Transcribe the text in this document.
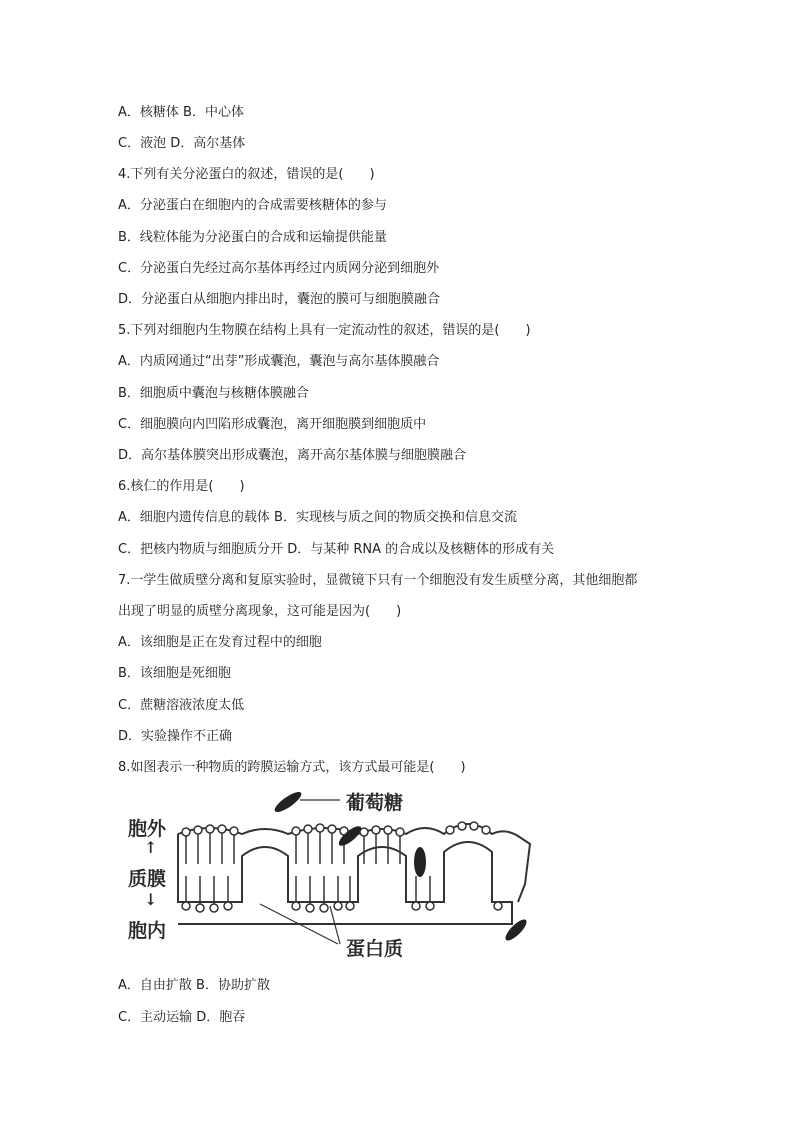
A．核糖体 B．中心体
C．液泡 D．高尔基体
4.下列有关分泌蛋白的叙述，错误的是(　　)
A．分泌蛋白在细胞内的合成需要核糖体的参与
B．线粒体能为分泌蛋白的合成和运输提供能量
C．分泌蛋白先经过高尔基体再经过内质网分泌到细胞外
D．分泌蛋白从细胞内排出时，囊泡的膜可与细胞膜融合
5.下列对细胞内生物膜在结构上具有一定流动性的叙述，错误的是(　　)
A．内质网通过“出芽”形成囊泡，囊泡与高尔基体膜融合
B．细胞质中囊泡与核糖体膜融合
C．细胞膜向内凹陷形成囊泡，离开细胞膜到细胞质中
D．高尔基体膜突出形成囊泡，离开高尔基体膜与细胞膜融合
6.核仁的作用是(　　)
A．细胞内遗传信息的载体 B．实现核与质之间的物质交换和信息交流
C．把核内物质与细胞质分开 D．与某种 RNA 的合成以及核糖体的形成有关
7.一学生做质壁分离和复原实验时，显微镜下只有一个细胞没有发生质壁分离，其他细胞都
出现了明显的质壁分离现象，这可能是因为(　　)
A．该细胞是正在发育过程中的细胞
B．该细胞是死细胞
C．蔗糖溶液浓度太低
D．实验操作不正确
8.如图表示一种物质的跨膜运输方式，该方式最可能是(　　)
葡萄糖
胞外
↑
质膜
↓
胞内
蛋白质
A．自由扩散 B．协助扩散
C．主动运输 D．胞吞
